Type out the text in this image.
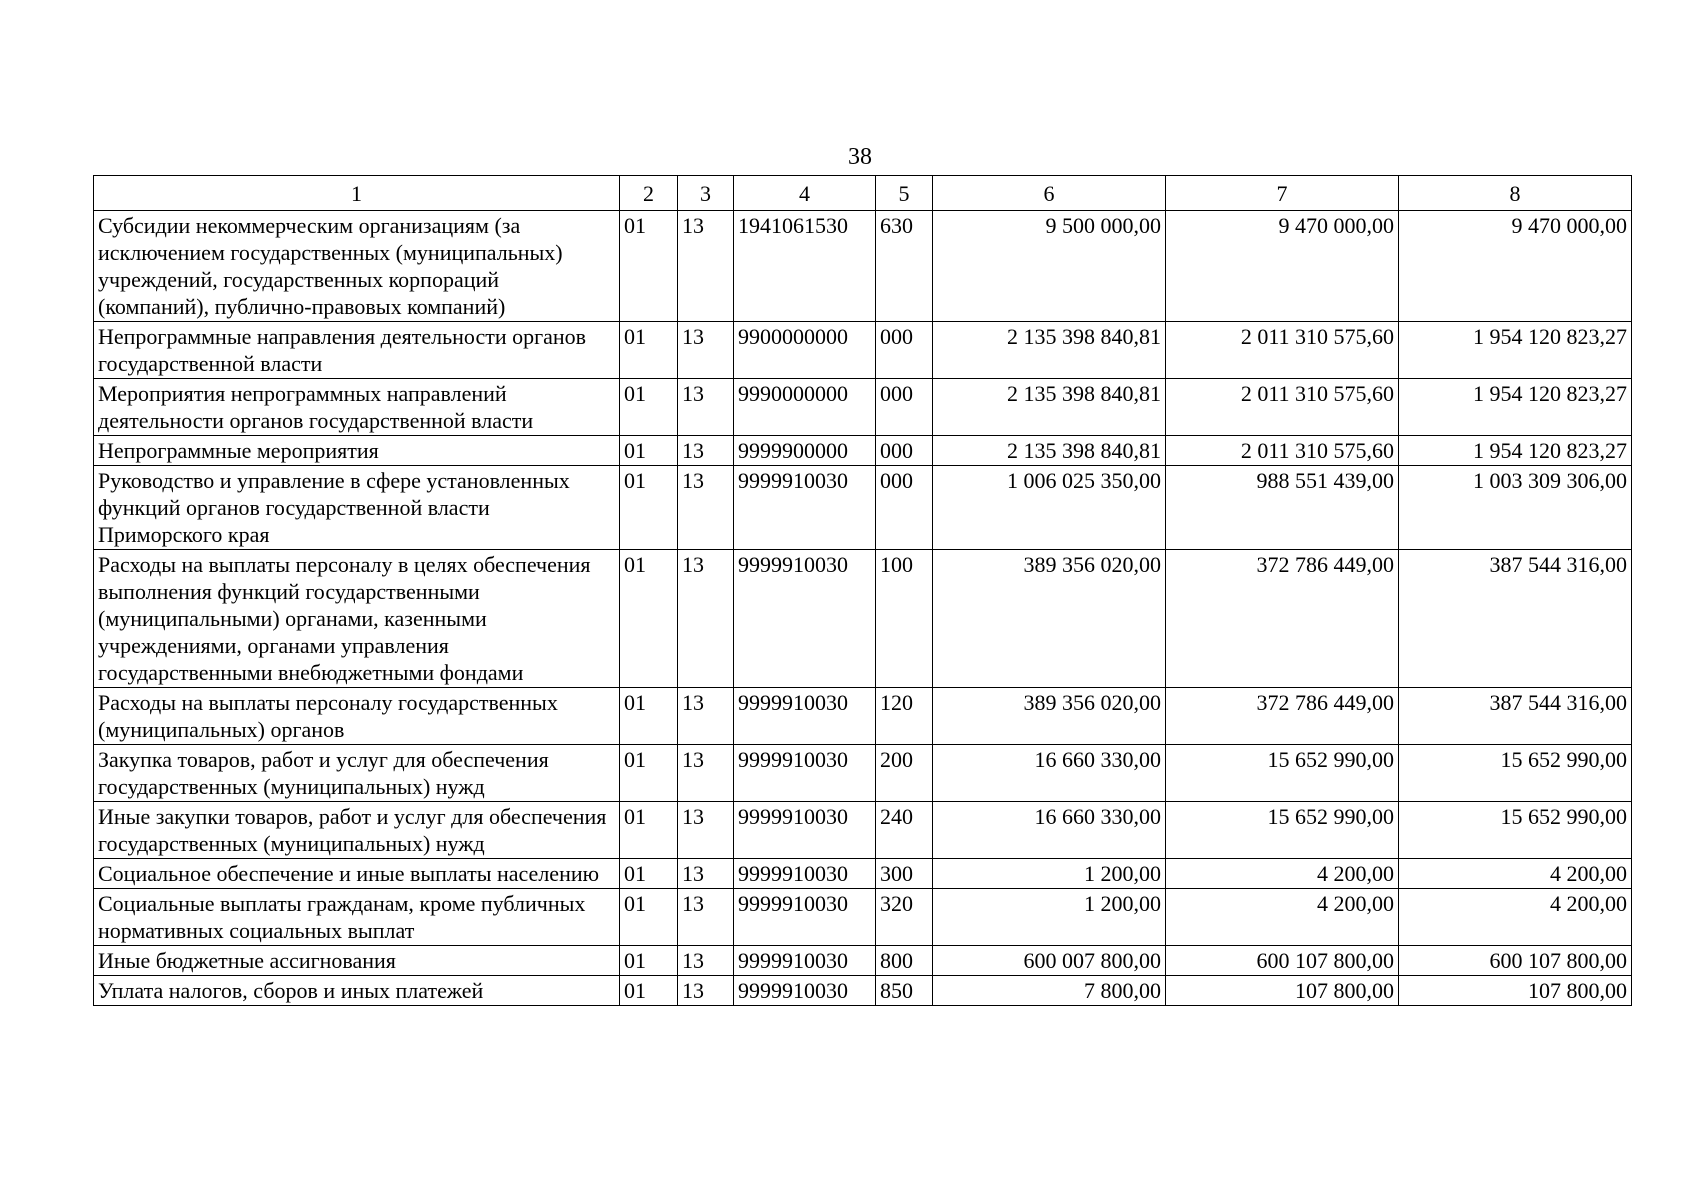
38
1	2	3	4	5	6	7	8
Субсидии некоммерческим организациям (за исключением государственных (муниципальных) учреждений, государственных корпораций (компаний), публично-правовых компаний)	01	13	1941061530	630	9 500 000,00	9 470 000,00	9 470 000,00
Непрограммные направления деятельности органов государственной власти	01	13	9900000000	000	2 135 398 840,81	2 011 310 575,60	1 954 120 823,27
Мероприятия непрограммных направлений деятельности органов государственной власти	01	13	9990000000	000	2 135 398 840,81	2 011 310 575,60	1 954 120 823,27
Непрограммные мероприятия	01	13	9999900000	000	2 135 398 840,81	2 011 310 575,60	1 954 120 823,27
Руководство и управление в сфере установленных функций органов государственной власти Приморского края	01	13	9999910030	000	1 006 025 350,00	988 551 439,00	1 003 309 306,00
Расходы на выплаты персоналу в целях обеспечения выполнения функций государственными (муниципальными) органами, казенными учреждениями, органами управления государственными внебюджетными фондами	01	13	9999910030	100	389 356 020,00	372 786 449,00	387 544 316,00
Расходы на выплаты персоналу государственных (муниципальных) органов	01	13	9999910030	120	389 356 020,00	372 786 449,00	387 544 316,00
Закупка товаров, работ и услуг для обеспечения государственных (муниципальных) нужд	01	13	9999910030	200	16 660 330,00	15 652 990,00	15 652 990,00
Иные закупки товаров, работ и услуг для обеспечения государственных (муниципальных) нужд	01	13	9999910030	240	16 660 330,00	15 652 990,00	15 652 990,00
Социальное обеспечение и иные выплаты населению	01	13	9999910030	300	1 200,00	4 200,00	4 200,00
Социальные выплаты гражданам, кроме публичных нормативных социальных выплат	01	13	9999910030	320	1 200,00	4 200,00	4 200,00
Иные бюджетные ассигнования	01	13	9999910030	800	600 007 800,00	600 107 800,00	600 107 800,00
Уплата налогов, сборов и иных платежей	01	13	9999910030	850	7 800,00	107 800,00	107 800,00
